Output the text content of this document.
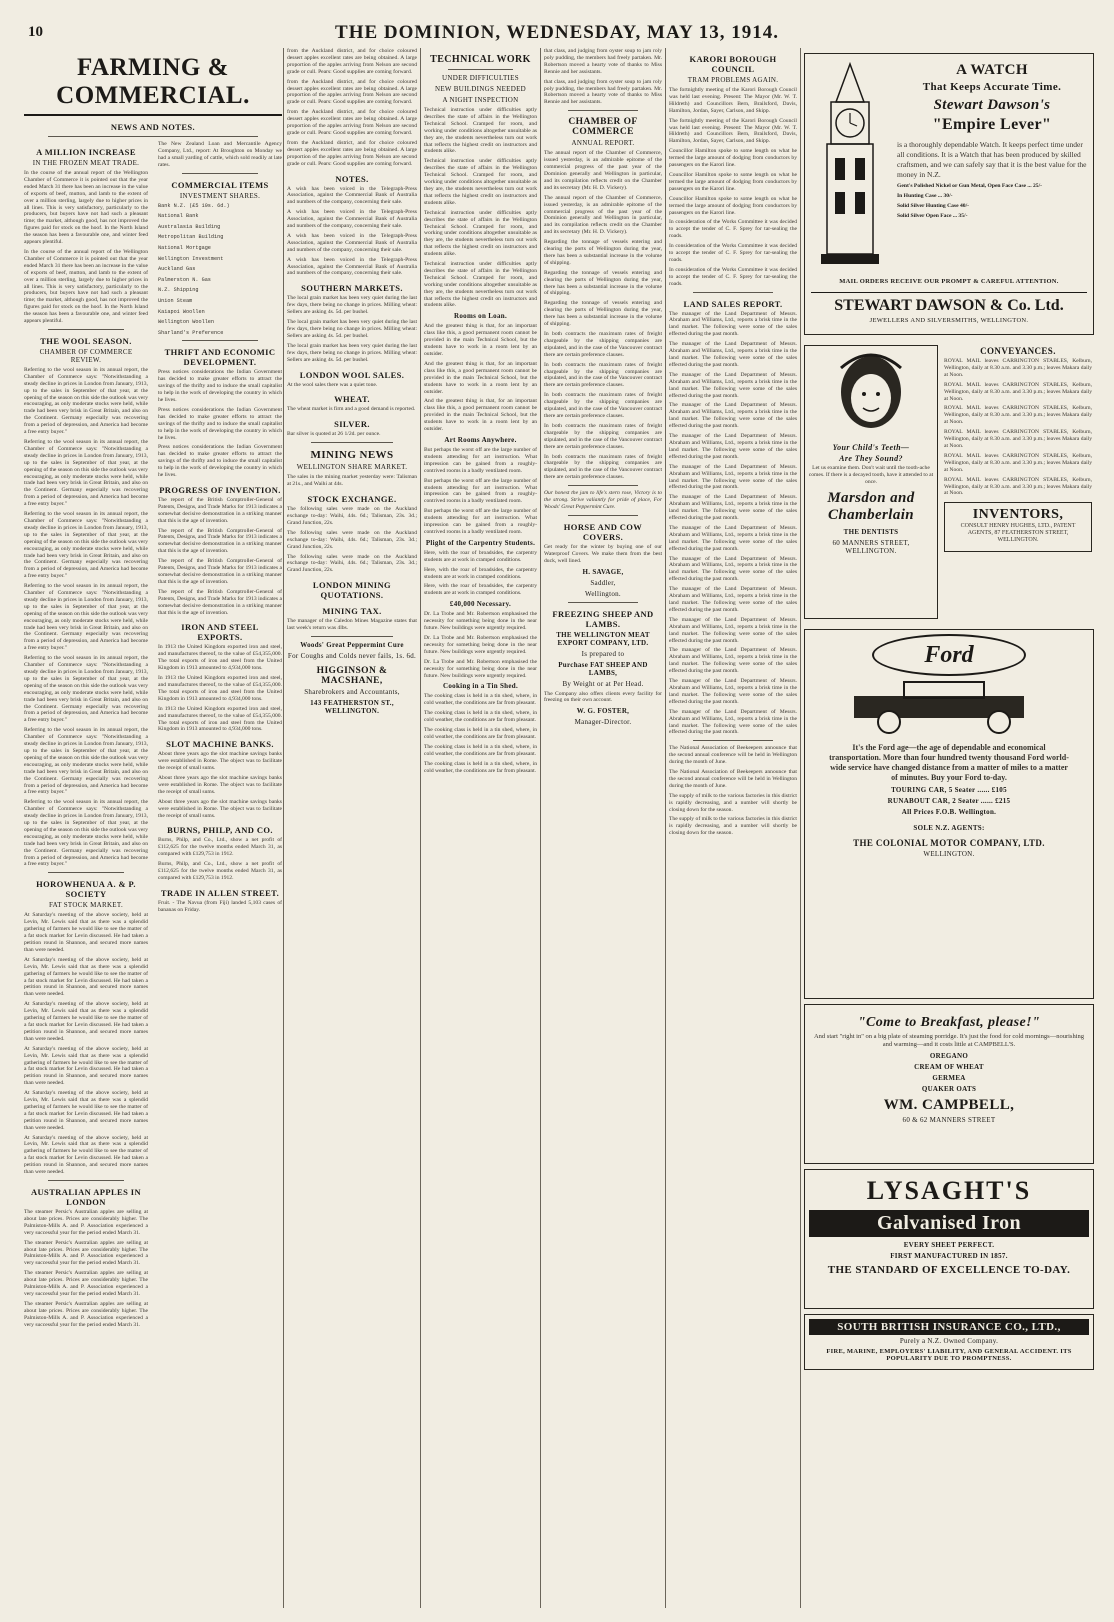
10	THE DOMINION, WEDNESDAY, MAY 13, 1914.
FARMING & COMMERCIAL.
NEWS AND NOTES.
A MILLION INCREASE
IN THE FROZEN MEAT TRADE.

In the course of the annual report of the Wellington Chamber of Commerce it is pointed out that the year ended March 31 there has been an increase in the value of exports of beef, mutton, and lamb to the extent of over a million sterling, largely due to higher prices in all lines. This is very satisfactory, particularly to the producers, but buyers have not had such a pleasant time; the market, although good, has not improved the figures paid for stock on the hoof. In the North Island the season has been a favourable one, and winter feed appears plentiful.

In the course of the annual report of the Wellington Chamber of Commerce it is pointed out that the year ended March 31 there has been an increase in the value of exports of beef, mutton, and lamb to the extent of over a million sterling, largely due to higher prices in all lines. This is very satisfactory, particularly to the producers, but buyers have not had such a pleasant time; the market, although good, has not improved the figures paid for stock on the hoof. In the North Island the season has been a favourable one, and winter feed appears plentiful.

THE WOOL SEASON.
CHAMBER OF COMMERCE REVIEW.

Referring to the wool season in its annual report, the Chamber of Commerce says: "Notwithstanding a steady decline in prices in London from January, 1913, up to the sales in September of that year, at the opening of the season on this side the outlook was very encouraging, as only moderate stocks were held, while trade had been very brisk in Great Britain, and also on the Continent. Germany especially was recovering from a period of depression, and America had become a free entry buyer."

Referring to the wool season in its annual report, the Chamber of Commerce says: "Notwithstanding a steady decline in prices in London from January, 1913, up to the sales in September of that year, at the opening of the season on this side the outlook was very encouraging, as only moderate stocks were held, while trade had been very brisk in Great Britain, and also on the Continent. Germany especially was recovering from a period of depression, and America had become a free entry buyer."

Referring to the wool season in its annual report, the Chamber of Commerce says: "Notwithstanding a steady decline in prices in London from January, 1913, up to the sales in September of that year, at the opening of the season on this side the outlook was very encouraging, as only moderate stocks were held, while trade had been very brisk in Great Britain, and also on the Continent. Germany especially was recovering from a period of depression, and America had become a free entry buyer."

Referring to the wool season in its annual report, the Chamber of Commerce says: "Notwithstanding a steady decline in prices in London from January, 1913, up to the sales in September of that year, at the opening of the season on this side the outlook was very encouraging, as only moderate stocks were held, while trade had been very brisk in Great Britain, and also on the Continent. Germany especially was recovering from a period of depression, and America had become a free entry buyer."

Referring to the wool season in its annual report, the Chamber of Commerce says: "Notwithstanding a steady decline in prices in London from January, 1913, up to the sales in September of that year, at the opening of the season on this side the outlook was very encouraging, as only moderate stocks were held, while trade had been very brisk in Great Britain, and also on the Continent. Germany especially was recovering from a period of depression, and America had become a free entry buyer."

Referring to the wool season in its annual report, the Chamber of Commerce says: "Notwithstanding a steady decline in prices in London from January, 1913, up to the sales in September of that year, at the opening of the season on this side the outlook was very encouraging, as only moderate stocks were held, while trade had been very brisk in Great Britain, and also on the Continent. Germany especially was recovering from a period of depression, and America had become a free entry buyer."

Referring to the wool season in its annual report, the Chamber of Commerce says: "Notwithstanding a steady decline in prices in London from January, 1913, up to the sales in September of that year, at the opening of the season on this side the outlook was very encouraging, as only moderate stocks were held, while trade had been very brisk in Great Britain, and also on the Continent. Germany especially was recovering from a period of depression, and America had become a free entry buyer."

HOROWHENUA A. & P. SOCIETY
FAT STOCK MARKET.

At Saturday's meeting of the above society, held at Levin, Mr. Lewis said that as there was a splendid gathering of farmers he would like to see the matter of a fat stock market for Levin discussed. He had taken a petition round in Shannon, and secured more names than were needed.

At Saturday's meeting of the above society, held at Levin, Mr. Lewis said that as there was a splendid gathering of farmers he would like to see the matter of a fat stock market for Levin discussed. He had taken a petition round in Shannon, and secured more names than were needed.

At Saturday's meeting of the above society, held at Levin, Mr. Lewis said that as there was a splendid gathering of farmers he would like to see the matter of a fat stock market for Levin discussed. He had taken a petition round in Shannon, and secured more names than were needed.

At Saturday's meeting of the above society, held at Levin, Mr. Lewis said that as there was a splendid gathering of farmers he would like to see the matter of a fat stock market for Levin discussed. He had taken a petition round in Shannon, and secured more names than were needed.

At Saturday's meeting of the above society, held at Levin, Mr. Lewis said that as there was a splendid gathering of farmers he would like to see the matter of a fat stock market for Levin discussed. He had taken a petition round in Shannon, and secured more names than were needed.

At Saturday's meeting of the above society, held at Levin, Mr. Lewis said that as there was a splendid gathering of farmers he would like to see the matter of a fat stock market for Levin discussed. He had taken a petition round in Shannon, and secured more names than were needed.

AUSTRALIAN APPLES IN LONDON

The steamer Persic's Australian apples are selling at about late prices. Prices are considerably higher. The Palmiston-Mills A. and P. Association experienced a very successful year for the period ended March 31.

The steamer Persic's Australian apples are selling at about late prices. Prices are considerably higher. The Palmiston-Mills A. and P. Association experienced a very successful year for the period ended March 31.

The steamer Persic's Australian apples are selling at about late prices. Prices are considerably higher. The Palmiston-Mills A. and P. Association experienced a very successful year for the period ended March 31.

The steamer Persic's Australian apples are selling at about late prices. Prices are considerably higher. The Palmiston-Mills A. and P. Association experienced a very successful year for the period ended March 31.

The New Zealand Loan and Mercantile Agency Company, Ltd., report: At Broughton on Monday we had a small yarding of cattle, which sold readily at late rates.

COMMERCIAL ITEMS
INVESTMENT SHARES.
Bank N.Z. (£5 10s. 6d.)
National Bank
Australasia Building
Metropolitan Building
National Mortgage
Wellington Investment
Auckland Gas
Palmerston N. Gas
N.Z. Shipping
Union Steam
Kaiapoi Woollen
Wellington Woollen
Sharland's Preference
THRIFT AND ECONOMIC DEVELOPMENT.

Press notices considerations the Indian Government has decided to make greater efforts to attract the savings of the thrifty and to induce the small capitalist to help in the work of developing the country in which he lives.

Press notices considerations the Indian Government has decided to make greater efforts to attract the savings of the thrifty and to induce the small capitalist to help in the work of developing the country in which he lives.

Press notices considerations the Indian Government has decided to make greater efforts to attract the savings of the thrifty and to induce the small capitalist to help in the work of developing the country in which he lives.

PROGRESS OF INVENTION.

The report of the British Comptroller-General of Patents, Designs, and Trade Marks for 1913 indicates a somewhat decisive demonstration in a striking manner that this is the age of invention.

The report of the British Comptroller-General of Patents, Designs, and Trade Marks for 1913 indicates a somewhat decisive demonstration in a striking manner that this is the age of invention.

The report of the British Comptroller-General of Patents, Designs, and Trade Marks for 1913 indicates a somewhat decisive demonstration in a striking manner that this is the age of invention.

The report of the British Comptroller-General of Patents, Designs, and Trade Marks for 1913 indicates a somewhat decisive demonstration in a striking manner that this is the age of invention.

IRON AND STEEL EXPORTS.

In 1913 the United Kingdom exported iron and steel, and manufactures thereof, to the value of £54,355,000. The total exports of iron and steel from the United Kingdom in 1913 amounted to 4,934,000 tons.

In 1913 the United Kingdom exported iron and steel, and manufactures thereof, to the value of £54,355,000. The total exports of iron and steel from the United Kingdom in 1913 amounted to 4,934,000 tons.

In 1913 the United Kingdom exported iron and steel, and manufactures thereof, to the value of £54,355,000. The total exports of iron and steel from the United Kingdom in 1913 amounted to 4,934,000 tons.

SLOT MACHINE BANKS.

About three years ago the slot machine savings banks were established in Rome. The object was to facilitate the receipt of small sums.

About three years ago the slot machine savings banks were established in Rome. The object was to facilitate the receipt of small sums.

About three years ago the slot machine savings banks were established in Rome. The object was to facilitate the receipt of small sums.

BURNS, PHILP, AND CO.

Burns, Philp, and Co., Ltd., show a net profit of £112,625 for the twelve months ended March 31, as compared with £129,753 in 1912.

Burns, Philp, and Co., Ltd., show a net profit of £112,625 for the twelve months ended March 31, as compared with £129,753 in 1912.

TRADE IN ALLEN STREET.

Fruit. - The Navua (from Fiji) landed 5,103 cases of bananas on Friday.

from the Auckland district, and for choice coloured dessert apples excellent rates are being obtained. A large proportion of the apples arriving from Nelson are second grade or cull. Pears: Good supplies are coming forward.

from the Auckland district, and for choice coloured dessert apples excellent rates are being obtained. A large proportion of the apples arriving from Nelson are second grade or cull. Pears: Good supplies are coming forward.

from the Auckland district, and for choice coloured dessert apples excellent rates are being obtained. A large proportion of the apples arriving from Nelson are second grade or cull. Pears: Good supplies are coming forward.

from the Auckland district, and for choice coloured dessert apples excellent rates are being obtained. A large proportion of the apples arriving from Nelson are second grade or cull. Pears: Good supplies are coming forward.

NOTES.

A wish has been voiced in the Telegraph-Press Association, against the Commercial Bank of Australia and numbers of the company, concerning their sale.

A wish has been voiced in the Telegraph-Press Association, against the Commercial Bank of Australia and numbers of the company, concerning their sale.

A wish has been voiced in the Telegraph-Press Association, against the Commercial Bank of Australia and numbers of the company, concerning their sale.

A wish has been voiced in the Telegraph-Press Association, against the Commercial Bank of Australia and numbers of the company, concerning their sale.

SOUTHERN MARKETS.

The local grain market has been very quiet during the last few days, there being no change in prices. Milling wheat: Sellers are asking 4s. 5d. per bushel.

The local grain market has been very quiet during the last few days, there being no change in prices. Milling wheat: Sellers are asking 4s. 5d. per bushel.

The local grain market has been very quiet during the last few days, there being no change in prices. Milling wheat: Sellers are asking 4s. 5d. per bushel.

LONDON WOOL SALES.

At the wool sales there was a quiet tone.

WHEAT.

The wheat market is firm and a good demand is reported.

SILVER.

Bar silver is quoted at 26 1/2d. per ounce.

MINING NEWS
WELLINGTON SHARE MARKET.

The sales in the mining market yesterday were: Talisman at 21s., and Waihi at 44s.

STOCK EXCHANGE.

The following sales were made on the Auckland exchange to-day: Waihi, 44s. 6d.; Talisman, 23s. 3d.; Grand Junction, 22s.

The following sales were made on the Auckland exchange to-day: Waihi, 44s. 6d.; Talisman, 23s. 3d.; Grand Junction, 22s.

The following sales were made on the Auckland exchange to-day: Waihi, 44s. 6d.; Talisman, 23s. 3d.; Grand Junction, 22s.

LONDON MINING QUOTATIONS.
MINING TAX.

The manager of the Caledon Mines Magazine states that last week's return was 4lbs.

Woods' Great Peppermint Cure
For Coughs and Colds never fails, 1s. 6d.
HIGGINSON & MACSHANE,
Sharebrokers and Accountants,
143 FEATHERSTON ST., WELLINGTON.
TECHNICAL WORK
UNDER DIFFICULTIES
NEW BUILDINGS NEEDED
A NIGHT INSPECTION

Technical instruction under difficulties aptly describes the state of affairs in the Wellington Technical School. Cramped for room, and working under conditions altogether unsuitable as they are, the students nevertheless turn out work that reflects the highest credit on instructors and students alike.

Technical instruction under difficulties aptly describes the state of affairs in the Wellington Technical School. Cramped for room, and working under conditions altogether unsuitable as they are, the students nevertheless turn out work that reflects the highest credit on instructors and students alike.

Technical instruction under difficulties aptly describes the state of affairs in the Wellington Technical School. Cramped for room, and working under conditions altogether unsuitable as they are, the students nevertheless turn out work that reflects the highest credit on instructors and students alike.

Technical instruction under difficulties aptly describes the state of affairs in the Wellington Technical School. Cramped for room, and working under conditions altogether unsuitable as they are, the students nevertheless turn out work that reflects the highest credit on instructors and students alike.

Rooms on Loan.

And the greatest thing is that, for an important class like this, a good permanent room cannot be provided in the main Technical School, but the students have to work in a room lent by an outsider.

And the greatest thing is that, for an important class like this, a good permanent room cannot be provided in the main Technical School, but the students have to work in a room lent by an outsider.

And the greatest thing is that, for an important class like this, a good permanent room cannot be provided in the main Technical School, but the students have to work in a room lent by an outsider.

Art Rooms Anywhere.

But perhaps the worst off are the large number of students attending for art instruction. What impression can be gained from a roughly-contrived rooms in a badly ventilated room.

But perhaps the worst off are the large number of students attending for art instruction. What impression can be gained from a roughly-contrived rooms in a badly ventilated room.

But perhaps the worst off are the large number of students attending for art instruction. What impression can be gained from a roughly-contrived rooms in a badly ventilated room.

Plight of the Carpentry Students.

Here, with the roar of broadsides, the carpentry students are at work in cramped conditions.

Here, with the roar of broadsides, the carpentry students are at work in cramped conditions.

Here, with the roar of broadsides, the carpentry students are at work in cramped conditions.

£40,000 Necessary.

Dr. La Trobe and Mr. Robertson emphasised the necessity for something being done in the near future. New buildings were urgently required.

Dr. La Trobe and Mr. Robertson emphasised the necessity for something being done in the near future. New buildings were urgently required.

Dr. La Trobe and Mr. Robertson emphasised the necessity for something being done in the near future. New buildings were urgently required.

Cooking in a Tin Shed.

The cooking class is held in a tin shed, where, in cold weather, the conditions are far from pleasant.

The cooking class is held in a tin shed, where, in cold weather, the conditions are far from pleasant.

The cooking class is held in a tin shed, where, in cold weather, the conditions are far from pleasant.

The cooking class is held in a tin shed, where, in cold weather, the conditions are far from pleasant.

The cooking class is held in a tin shed, where, in cold weather, the conditions are far from pleasant.

that class, and judging from oyster soup to jam roly poly pudding, the members had freely partaken. Mr. Robertson moved a hearty vote of thanks to Miss Rennie and her assistants.

that class, and judging from oyster soup to jam roly poly pudding, the members had freely partaken. Mr. Robertson moved a hearty vote of thanks to Miss Rennie and her assistants.

CHAMBER OF COMMERCE
ANNUAL REPORT.

The annual report of the Chamber of Commerce, issued yesterday, is an admirable epitome of the commercial progress of the past year of the Dominion generally and Wellington in particular, and its compilation reflects credit on the Chamber and its secretary (Mr. H. D. Vickery).

The annual report of the Chamber of Commerce, issued yesterday, is an admirable epitome of the commercial progress of the past year of the Dominion generally and Wellington in particular, and its compilation reflects credit on the Chamber and its secretary (Mr. H. D. Vickery).

Regarding the tonnage of vessels entering and clearing the ports of Wellington during the year, there has been a substantial increase in the volume of shipping.

Regarding the tonnage of vessels entering and clearing the ports of Wellington during the year, there has been a substantial increase in the volume of shipping.

Regarding the tonnage of vessels entering and clearing the ports of Wellington during the year, there has been a substantial increase in the volume of shipping.

In both contracts the maximum rates of freight chargeable by the shipping companies are stipulated, and in the case of the Vancouver contract there are certain preference clauses.

In both contracts the maximum rates of freight chargeable by the shipping companies are stipulated, and in the case of the Vancouver contract there are certain preference clauses.

In both contracts the maximum rates of freight chargeable by the shipping companies are stipulated, and in the case of the Vancouver contract there are certain preference clauses.

In both contracts the maximum rates of freight chargeable by the shipping companies are stipulated, and in the case of the Vancouver contract there are certain preference clauses.

In both contracts the maximum rates of freight chargeable by the shipping companies are stipulated, and in the case of the Vancouver contract there are certain preference clauses.

Our honest the jam to life's stern rose, Victory is to the strong. Strive valiantly for pride of place, For Woods' Great Peppermint Cure.

HORSE AND COW COVERS.

Get ready for the winter by buying one of our Waterproof Covers. We make them from the best duck, well lined.

H. SAVAGE,
Saddler,
Wellington.
FREEZING SHEEP AND LAMBS.
THE WELLINGTON MEAT EXPORT COMPANY, LTD.
Is prepared to
Purchase FAT SHEEP AND LAMBS,
By Weight or at Per Head.

The Company also offers clients every facility for freezing on their own account.

W. G. FOSTER,
Manager-Director.
KARORI BOROUGH COUNCIL
TRAM PROBLEMS AGAIN.

The fortnightly meeting of the Karori Borough Council was held last evening. Present: The Mayor (Mr. W. T. Hildreth) and Councillors Bern, Brailsford, Davis, Hamilton, Jordan, Sayer, Carlson, and Skipp.

The fortnightly meeting of the Karori Borough Council was held last evening. Present: The Mayor (Mr. W. T. Hildreth) and Councillors Bern, Brailsford, Davis, Hamilton, Jordan, Sayer, Carlson, and Skipp.

Councillor Hamilton spoke to some length on what he termed the large amount of dodging from conductors by passengers on the Karori line.

Councillor Hamilton spoke to some length on what he termed the large amount of dodging from conductors by passengers on the Karori line.

Councillor Hamilton spoke to some length on what he termed the large amount of dodging from conductors by passengers on the Karori line.

In consideration of the Works Committee it was decided to accept the tender of C. F. Sprey for tar-sealing the roads.

In consideration of the Works Committee it was decided to accept the tender of C. F. Sprey for tar-sealing the roads.

In consideration of the Works Committee it was decided to accept the tender of C. F. Sprey for tar-sealing the roads.

LAND SALES REPORT.

The manager of the Land Department of Messrs. Abraham and Williams, Ltd., reports a brisk time in the land market. The following were some of the sales effected during the past month.

The manager of the Land Department of Messrs. Abraham and Williams, Ltd., reports a brisk time in the land market. The following were some of the sales effected during the past month.

The manager of the Land Department of Messrs. Abraham and Williams, Ltd., reports a brisk time in the land market. The following were some of the sales effected during the past month.

The manager of the Land Department of Messrs. Abraham and Williams, Ltd., reports a brisk time in the land market. The following were some of the sales effected during the past month.

The manager of the Land Department of Messrs. Abraham and Williams, Ltd., reports a brisk time in the land market. The following were some of the sales effected during the past month.

The manager of the Land Department of Messrs. Abraham and Williams, Ltd., reports a brisk time in the land market. The following were some of the sales effected during the past month.

The manager of the Land Department of Messrs. Abraham and Williams, Ltd., reports a brisk time in the land market. The following were some of the sales effected during the past month.

The manager of the Land Department of Messrs. Abraham and Williams, Ltd., reports a brisk time in the land market. The following were some of the sales effected during the past month.

The manager of the Land Department of Messrs. Abraham and Williams, Ltd., reports a brisk time in the land market. The following were some of the sales effected during the past month.

The manager of the Land Department of Messrs. Abraham and Williams, Ltd., reports a brisk time in the land market. The following were some of the sales effected during the past month.

The manager of the Land Department of Messrs. Abraham and Williams, Ltd., reports a brisk time in the land market. The following were some of the sales effected during the past month.

The manager of the Land Department of Messrs. Abraham and Williams, Ltd., reports a brisk time in the land market. The following were some of the sales effected during the past month.

The manager of the Land Department of Messrs. Abraham and Williams, Ltd., reports a brisk time in the land market. The following were some of the sales effected during the past month.

The manager of the Land Department of Messrs. Abraham and Williams, Ltd., reports a brisk time in the land market. The following were some of the sales effected during the past month.

The National Association of Beekeepers announce that the second annual conference will be held in Wellington during the month of June.

The National Association of Beekeepers announce that the second annual conference will be held in Wellington during the month of June.

The supply of milk to the various factories in this district is rapidly decreasing, and a number will shortly be closing down for the season.

The supply of milk to the various factories in this district is rapidly decreasing, and a number will shortly be closing down for the season.

A WATCH
That Keeps Accurate Time.
Stewart Dawson's
"Empire Lever"

is a thoroughly dependable Watch. It keeps perfect time under all conditions. It is a Watch that has been produced by skilled craftsmen, and we can safely say that it is the best value for the money in N.Z.

Gent's Polished Nickel or Gun Metal, Open Face Case ... 25/-
In Hunting Case ... 30/-
Solid Silver Hunting Case 40/-
Solid Silver Open Face ... 35/-
MAIL ORDERS RECEIVE OUR PROMPT & CAREFUL ATTENTION.
STEWART DAWSON & Co. Ltd.
JEWELLERS AND SILVERSMITHS, WELLINGTON.
Your Child's Teeth—
Are They Sound?

Let us examine them. Don't wait until the tooth-ache comes. If there is a decayed tooth, have it attended to at once.

Marsdon and Chamberlain
THE DENTISTS
60 MANNERS STREET, WELLINGTON.
CONVEYANCES.

ROYAL MAIL leaves CARRINGTON STABLES, Kelburn, Wellington, daily at 8.30 a.m. and 3.30 p.m.; leaves Makara daily at Noon.

ROYAL MAIL leaves CARRINGTON STABLES, Kelburn, Wellington, daily at 8.30 a.m. and 3.30 p.m.; leaves Makara daily at Noon.

ROYAL MAIL leaves CARRINGTON STABLES, Kelburn, Wellington, daily at 8.30 a.m. and 3.30 p.m.; leaves Makara daily at Noon.

ROYAL MAIL leaves CARRINGTON STABLES, Kelburn, Wellington, daily at 8.30 a.m. and 3.30 p.m.; leaves Makara daily at Noon.

ROYAL MAIL leaves CARRINGTON STABLES, Kelburn, Wellington, daily at 8.30 a.m. and 3.30 p.m.; leaves Makara daily at Noon.

ROYAL MAIL leaves CARRINGTON STABLES, Kelburn, Wellington, daily at 8.30 a.m. and 3.30 p.m.; leaves Makara daily at Noon.

INVENTORS,

CONSULT HENRY HUGHES, LTD., PATENT AGENTS, 87 FEATHERSTON STREET, WELLINGTON.

Ford

It's the Ford age—the age of dependable and economical transportation. More than four hundred twenty thousand Ford world-wide service have changed distance from a matter of miles to a matter of minutes. Buy your Ford to-day.

TOURING CAR, 5 Seater ...... £105
RUNABOUT CAR, 2 Seater ...... £215
All Prices F.O.B. Wellington.
SOLE N.Z. AGENTS:
THE COLONIAL MOTOR COMPANY, LTD.
WELLINGTON.
"Come to Breakfast, please!"

And start "right in" on a big plate of steaming porridge. It's just the food for cold mornings—nourishing and warming—and it costs little at CAMPBELL'S.

OREGANO
CREAM OF WHEAT
GERMEA
QUAKER OATS
WM. CAMPBELL,
60 & 62 MANNERS STREET
LYSAGHT'S
Galvanised Iron
EVERY SHEET PERFECT.
FIRST MANUFACTURED IN 1857.
THE STANDARD OF EXCELLENCE TO-DAY.
SOUTH BRITISH INSURANCE CO., LTD.,
Purely a N.Z. Owned Company.
FIRE, MARINE, EMPLOYERS' LIABILITY, AND GENERAL ACCIDENT. ITS POPULARITY DUE TO PROMPTNESS.
